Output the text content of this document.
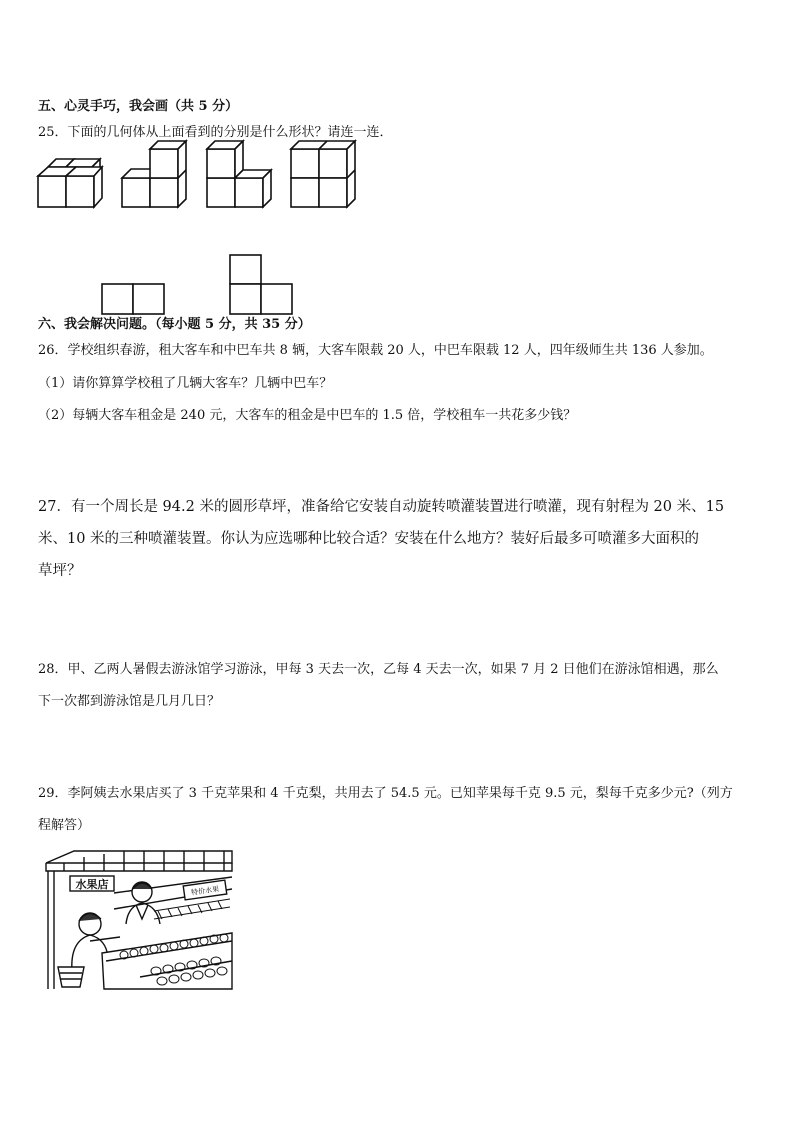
五、心灵手巧，我会画（共 5 分）
25．下面的几何体从上面看到的分别是什么形状？请连一连．
六、我会解决问题。（每小题 5 分，共 35 分）
26．学校组织春游，租大客车和中巴车共 8 辆，大客车限载 20 人，中巴车限载 12 人，四年级师生共 136 人参加。
（1）请你算算学校租了几辆大客车？几辆中巴车？
（2）每辆大客车租金是 240 元，大客车的租金是中巴车的 1.5 倍，学校租车一共花多少钱？
27．有一个周长是 94.2 米的圆形草坪，准备给它安装自动旋转喷灌装置进行喷灌，现有射程为 20 米、15
米、10 米的三种喷灌装置。你认为应选哪种比较合适？安装在什么地方？装好后最多可喷灌多大面积的
草坪？
28．甲、乙两人暑假去游泳馆学习游泳，甲每 3 天去一次，乙每 4 天去一次，如果 7 月 2 日他们在游泳馆相遇，那么
下一次都到游泳馆是几月几日？
29．李阿姨去水果店买了 3 千克苹果和 4 千克梨，共用去了 54.5 元。已知苹果每千克 9.5 元，梨每千克多少元?（列方
程解答）
水果店	特价水果
